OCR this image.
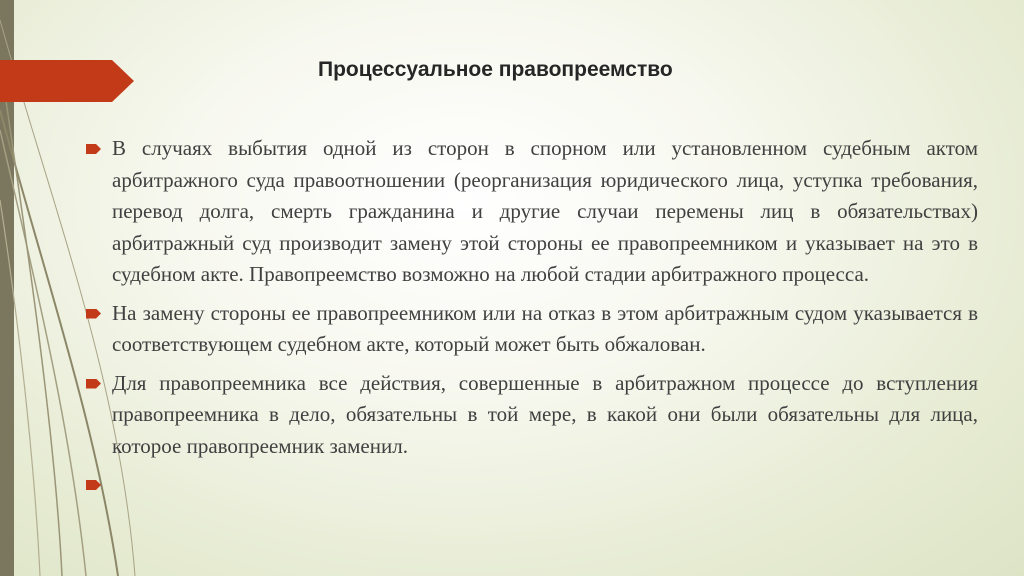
Процессуальное правопреемство
В случаях выбытия одной из сторон в спорном или установленном судебным актом арбитражного суда правоотношении (реорганизация юридического лица, уступка требования, перевод долга, смерть гражданина и другие случаи перемены лиц в обязательствах) арбитражный суд производит замену этой стороны ее правопреемником и указывает на это в судебном акте. Правопреемство возможно на любой стадии арбитражного процесса.
На замену стороны ее правопреемником или на отказ в этом арбитражным судом указывается в соответствующем судебном акте, который может быть обжалован.
Для правопреемника все действия, совершенные в арбитражном процессе до вступления правопреемника в дело, обязательны в той мере, в какой они были обязательны для лица, которое правопреемник заменил.
